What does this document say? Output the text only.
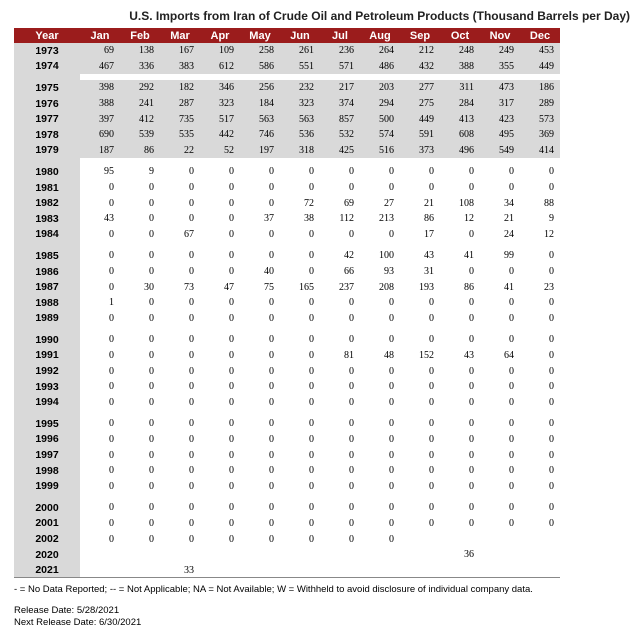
U.S. Imports from Iran of Crude Oil and Petroleum Products (Thousand Barrels per Day)
Year	Jan	Feb	Mar	Apr	May	Jun	Jul	Aug	Sep	Oct	Nov	Dec
1973	69	138	167	109	258	261	236	264	212	248	249	453
1974	467	336	383	612	586	551	571	486	432	388	355	449

1975	398	292	182	346	256	232	217	203	277	311	473	186
1976	388	241	287	323	184	323	374	294	275	284	317	289
1977	397	412	735	517	563	563	857	500	449	413	423	573
1978	690	539	535	442	746	536	532	574	591	608	495	369
1979	187	86	22	52	197	318	425	516	373	496	549	414

1980	95	9	0	0	0	0	0	0	0	0	0	0
1981	0	0	0	0	0	0	0	0	0	0	0	0
1982	0	0	0	0	0	72	69	27	21	108	34	88
1983	43	0	0	0	37	38	112	213	86	12	21	9
1984	0	0	67	0	0	0	0	0	17	0	24	12

1985	0	0	0	0	0	0	42	100	43	41	99	0
1986	0	0	0	0	40	0	66	93	31	0	0	0
1987	0	30	73	47	75	165	237	208	193	86	41	23
1988	1	0	0	0	0	0	0	0	0	0	0	0
1989	0	0	0	0	0	0	0	0	0	0	0	0

1990	0	0	0	0	0	0	0	0	0	0	0	0
1991	0	0	0	0	0	0	81	48	152	43	64	0
1992	0	0	0	0	0	0	0	0	0	0	0	0
1993	0	0	0	0	0	0	0	0	0	0	0	0
1994	0	0	0	0	0	0	0	0	0	0	0	0

1995	0	0	0	0	0	0	0	0	0	0	0	0
1996	0	0	0	0	0	0	0	0	0	0	0	0
1997	0	0	0	0	0	0	0	0	0	0	0	0
1998	0	0	0	0	0	0	0	0	0	0	0	0
1999	0	0	0	0	0	0	0	0	0	0	0	0

2000	0	0	0	0	0	0	0	0	0	0	0	0
2001	0	0	0	0	0	0	0	0	0	0	0	0
2002	0	0	0	0	0	0	0	0				
2020										36		
2021			33									
- = No Data Reported; -- = Not Applicable; NA = Not Available; W = Withheld to avoid disclosure of individual company data.
Release Date: 5/28/2021
Next Release Date: 6/30/2021
